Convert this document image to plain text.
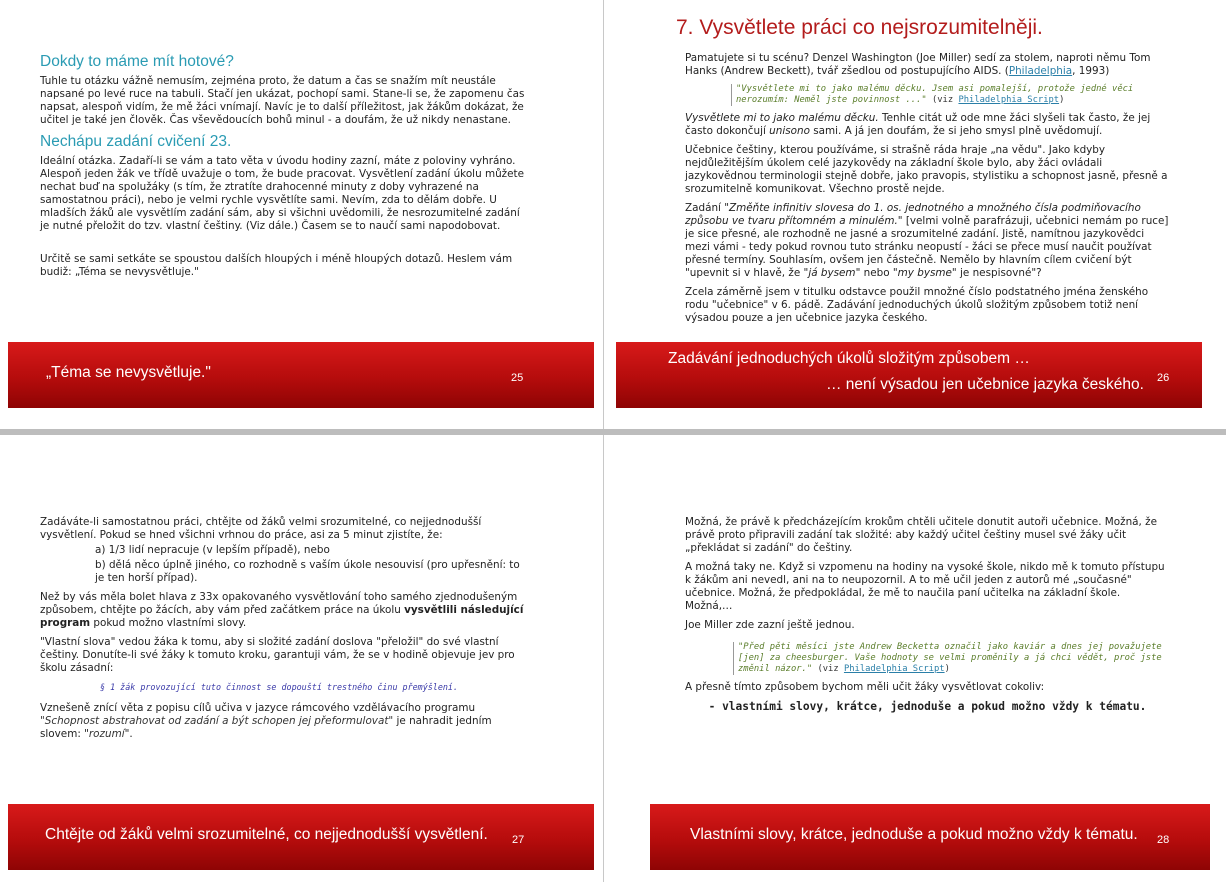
Dokdy to máme mít hotové?

Tuhle tu otázku vážně nemusím, zejména proto, že datum a čas se snažím mít neustále napsané po levé ruce na tabuli. Stačí jen ukázat, pochopí sami. Stane-li se, že zapomenu čas napsat, alespoň vidím, že mě žáci vnímají. Navíc je to další příležitost, jak žákům dokázat, že učitel je také jen člověk. Čas vševědoucích bohů minul - a doufám, že už nikdy nenastane.

Nechápu zadání cvičení 23.

Ideální otázka. Zadaří-li se vám a tato věta v úvodu hodiny zazní, máte z poloviny vyhráno. Alespoň jeden žák ve třídě uvažuje o tom, že bude pracovat. Vysvětlení zadání úkolu můžete nechat buď na spolužáky (s tím, že ztratíte drahocenné minuty z doby vyhrazené na samostatnou práci), nebo je velmi rychle vysvětlíte sami. Nevím, zda to dělám dobře. U mladších žáků ale vysvětlím zadání sám, aby si všichni uvědomili, že nesrozumitelné zadání je nutné přeložit do tzv. vlastní češtiny. (Viz dále.) Časem se to naučí sami napodobovat.

Určitě se sami setkáte se spoustou dalších hloupých i méně hloupých dotazů. Heslem vám budiž: „Téma se nevysvětluje."

„Téma se nevysvětluje."	25
7. Vysvětlete práci co nejsrozumitelněji.

Pamatujete si tu scénu? Denzel Washington (Joe Miller) sedí za stolem, naproti němu Tom Hanks (Andrew Beckett), tvář zšedlou od postupujícího AIDS. (Philadelphia, 1993)

"Vysvětlete mi to jako malému děcku. Jsem asi pomalejší, protože jedné věci nerozumím: Neměl jste povinnost ..." (viz Philadelphia Script)

Vysvětlete mi to jako malému děcku. Tenhle citát už ode mne žáci slyšeli tak často, že jej často dokončují unisono sami. A já jen doufám, že si jeho smysl plně uvědomují.

Učebnice češtiny, kterou používáme, si strašně ráda hraje „na vědu". Jako kdyby nejdůležitějším úkolem celé jazykovědy na základní škole bylo, aby žáci ovládali jazykovědnou terminologii stejně dobře, jako pravopis, stylistiku a schopnost jasně, přesně a srozumitelně komunikovat. Všechno prostě nejde.

Zadání "Změňte infinitiv slovesa do 1. os. jednotného a množného čísla podmiňovacího způsobu ve tvaru přítomném a minulém." [velmi volně parafrázuji, učebnici nemám po ruce] je sice přesné, ale rozhodně ne jasné a srozumitelné zadání. Jistě, namítnou jazykovědci mezi vámi - tedy pokud rovnou tuto stránku neopustí - žáci se přece musí naučit používat přesné termíny. Souhlasím, ovšem jen částečně. Nemělo by hlavním cílem cvičení být "upevnit si v hlavě, že "já bysem" nebo "my bysme" je nespisovné"?

Zcela záměrně jsem v titulku odstavce použil množné číslo podstatného jména ženského rodu "učebnice" v 6. pádě. Zadávání jednoduchých úkolů složitým způsobem totiž není výsadou pouze a jen učebnice jazyka českého.

Zadávání jednoduchých úkolů složitým způsobem …
… není výsadou jen učebnice jazyka českého. 26

Zadáváte-li samostatnou práci, chtějte od žáků velmi srozumitelné, co nejjednodušší vysvětlení. Pokud se hned všichni vrhnou do práce, asi za 5 minut zjistíte, že:

a) 1/3 lidí nepracuje (v lepším případě), nebo

b) dělá něco úplně jiného, co rozhodně s vaším úkole nesouvisí (pro upřesnění: to je ten horší případ).

Než by vás měla bolet hlava z 33x opakovaného vysvětlování toho samého zjednodušeným způsobem, chtějte po žácích, aby vám před začátkem práce na úkolu vysvětlili následující program pokud možno vlastními slovy.

"Vlastní slova" vedou žáka k tomu, aby si složité zadání doslova "přeložil" do své vlastní češtiny. Donutíte-li své žáky k tomuto kroku, garantuji vám, že se v hodině objevuje jev pro školu zásadní:

§ 1 žák provozující tuto činnost se dopouští trestného činu přemýšlení.

Vznešeně znící věta z popisu cílů učiva v jazyce rámcového vzdělávacího programu "Schopnost abstrahovat od zadání a být schopen jej přeformulovat" je nahradit jedním slovem: "rozumí".

Chtějte od žáků velmi srozumitelné, co nejjednodušší vysvětlení. 27

Možná, že právě k předcházejícím krokům chtěli učitele donutit autoři učebnice. Možná, že právě proto připravili zadání tak složité: aby každý učitel češtiny musel své žáky učit „překládat si zadání" do češtiny.

A možná taky ne. Když si vzpomenu na hodiny na vysoké škole, nikdo mě k tomuto přístupu k žákům ani nevedl, ani na to neupozornil. A to mě učil jeden z autorů mé „současné" učebnice. Možná, že předpokládal, že mě to naučila paní učitelka na základní škole. Možná,…

Joe Miller zde zazní ještě jednou.

"Před pěti měsíci jste Andrew Becketta označil jako kaviár a dnes jej považujete [jen] za cheesburger. Vaše hodnoty se velmi proměnily a já chci vědět, proč jste změnil názor." (viz Philadelphia Script)

A přesně tímto způsobem bychom měli učit žáky vysvětlovat cokoliv:

- vlastními slovy, krátce, jednoduše a pokud možno vždy k tématu.

Vlastními slovy, krátce, jednoduše a pokud možno vždy k tématu. 28
